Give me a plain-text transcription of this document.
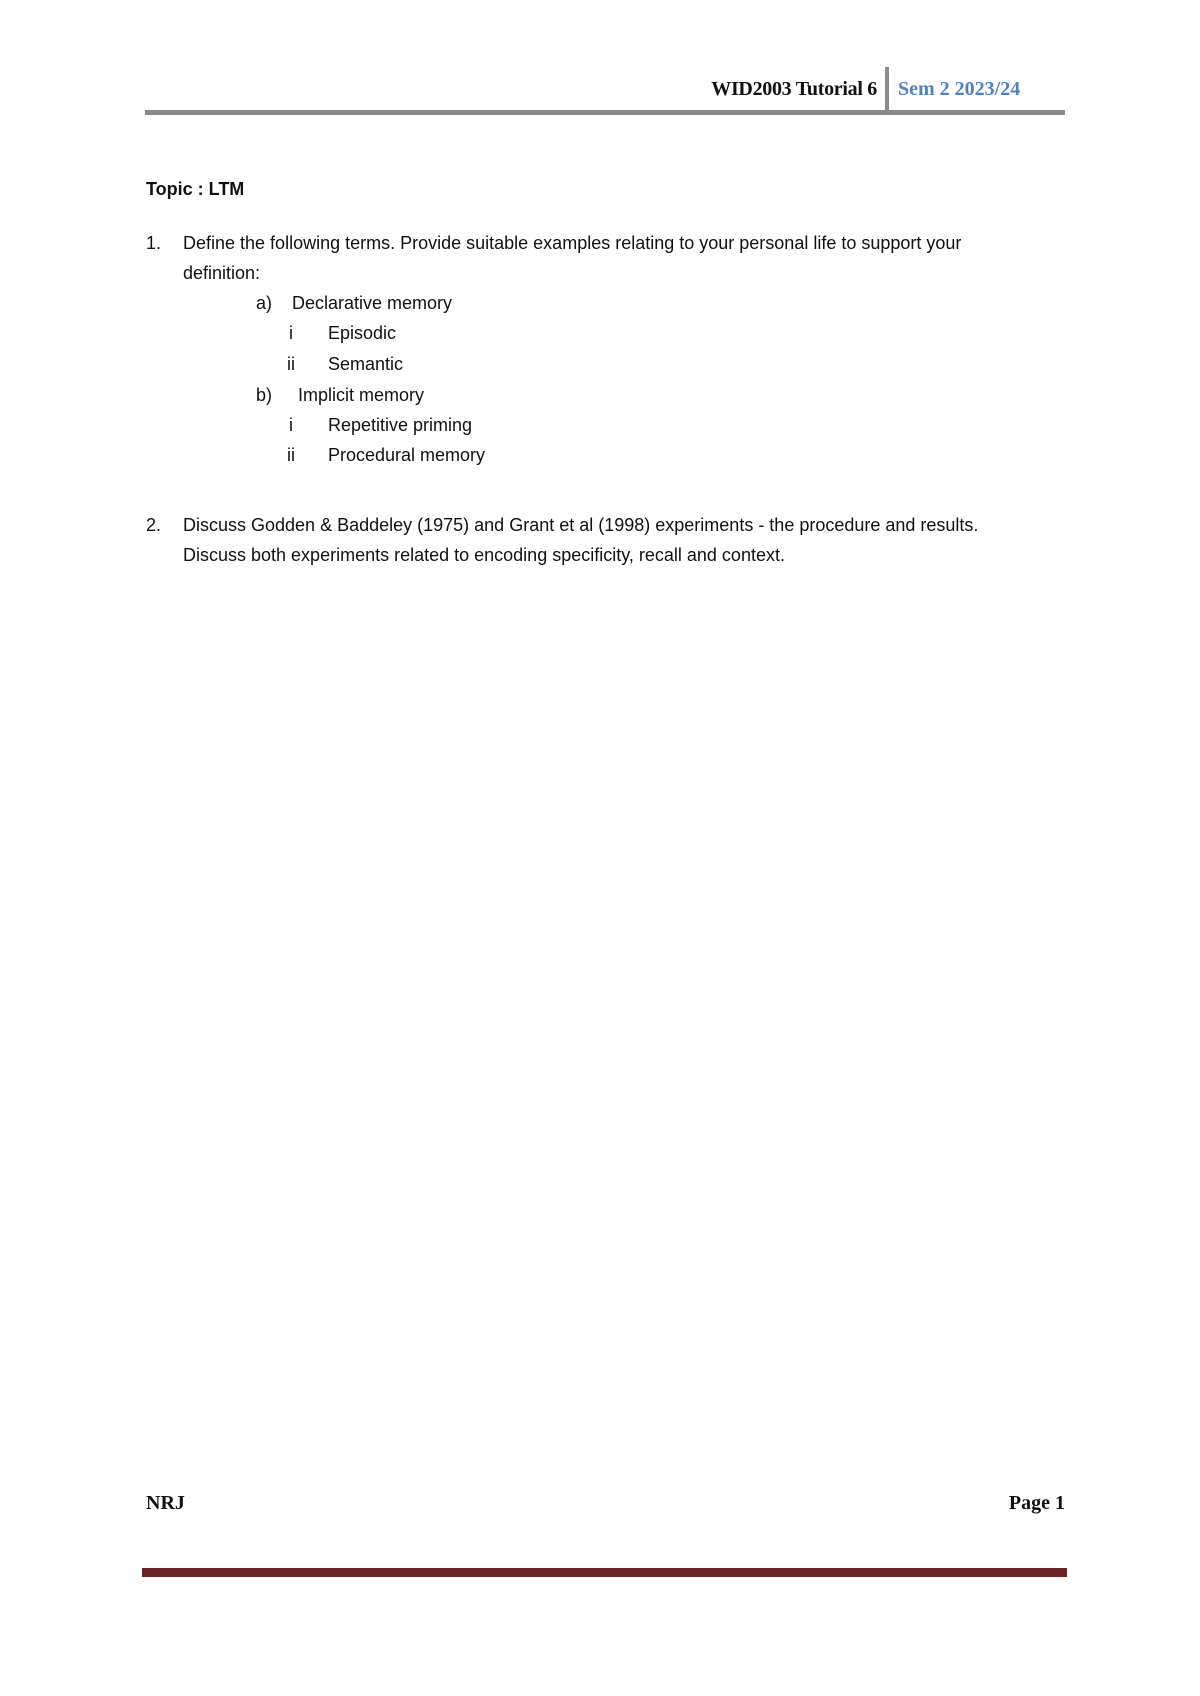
WID2003 Tutorial 6 Sem 2 2023/24
Topic : LTM
1. Define the following terms. Provide suitable examples relating to your personal life to support your definition:
a) Declarative memory
i Episodic
ii Semantic
b) Implicit memory
i Repetitive priming
ii Procedural memory
2. Discuss Godden & Baddeley (1975) and Grant et al (1998) experiments - the procedure and results. Discuss both experiments related to encoding specificity, recall and context.
NRJ	Page 1
